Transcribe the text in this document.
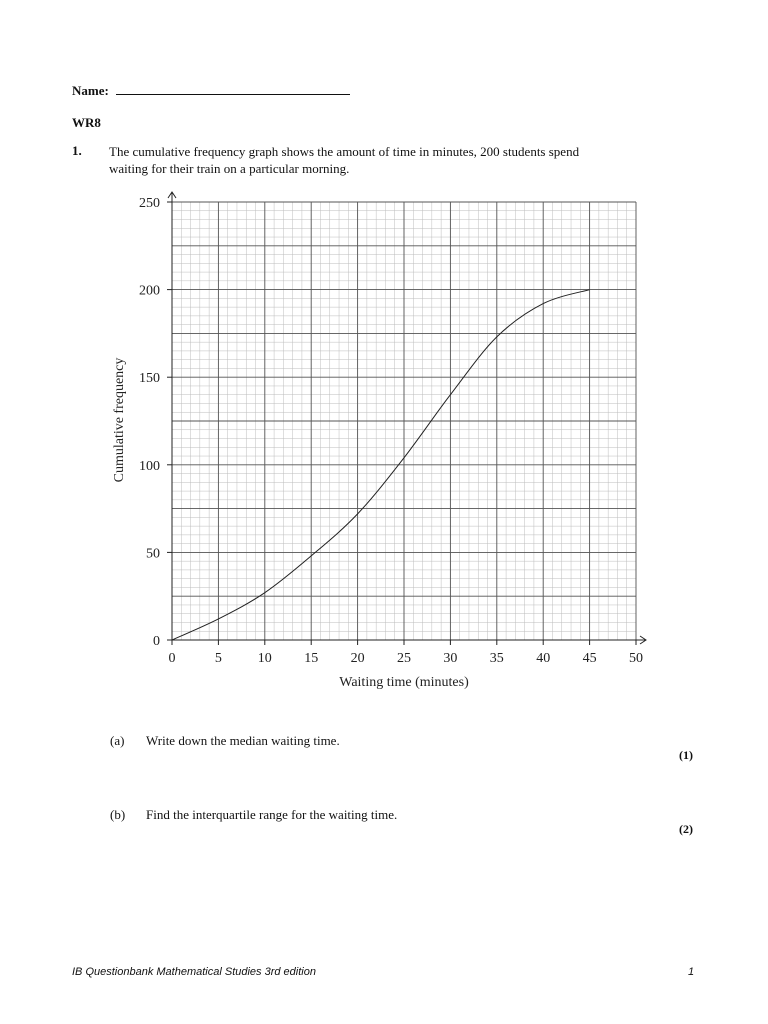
Name:
WR8
1. The cumulative frequency graph shows the amount of time in minutes, 200 students spend
waiting for their train on a particular morning.
0	5	10 15 20 25 30 35 40 45 50
0
50
100
150
200
250
Waiting time (minutes)
Cumulative frequency
(a) Write down the median waiting time.
(1)
(b) Find the interquartile range for the waiting time.
(2)
IB Questionbank Mathematical Studies 3rd edition	1
